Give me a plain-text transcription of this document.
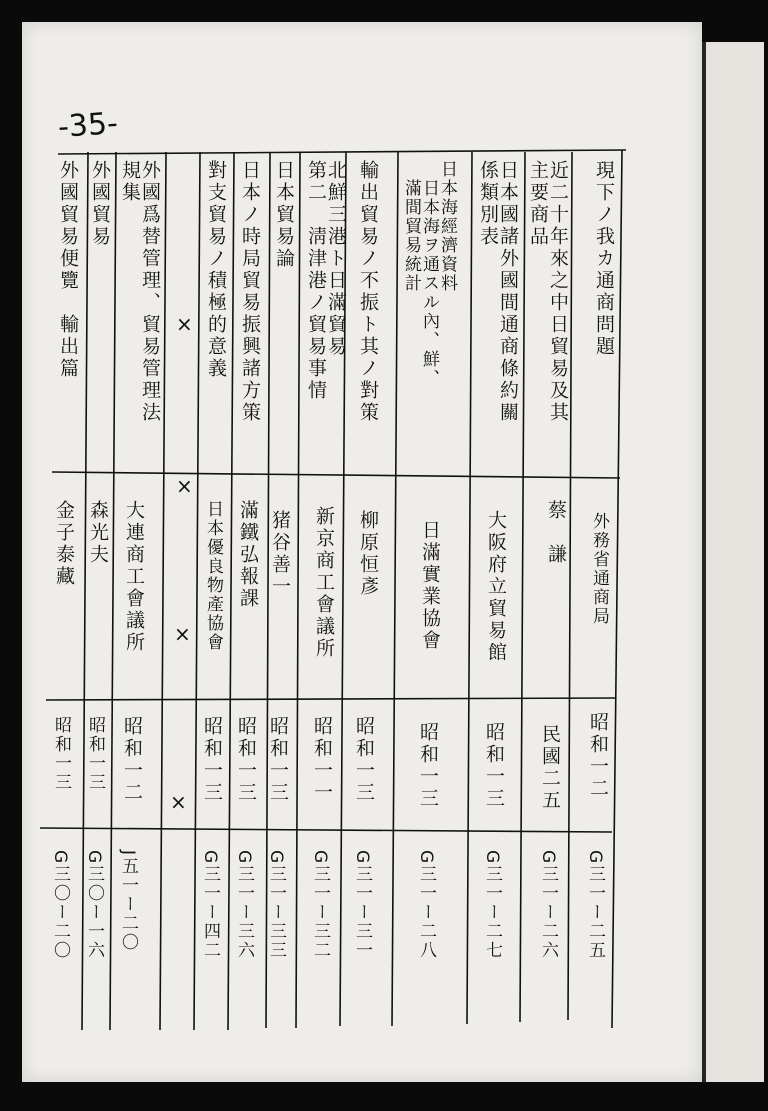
-35-
現下ノ我カ通商問題
外務省通商局
昭和一二
G三一ー二五
近二十年來之中日貿易及其
主要商品
蔡　謙
民國二五
G三一ー二六
日本國諸外國間通商條約關
係類別表
大阪府立貿易館
昭和一三
G三一ー二七
日本海經濟資料
　日本海ヲ通スル內、鮮、
　滿間貿易統計
日滿實業協會
昭和一三
G三一ー二八
輸出貿易ノ不振ト其ノ對策
柳原恒彥
昭和一三
G三一ー三一
北鮮三港ト日滿貿易
第二　淸津港ノ貿易事情
新京商工會議所
昭和一一
G三一ー三二
日本貿易論
猪谷善一
昭和一三
G三一ー三三
日本ノ時局貿易振興諸方策
滿鐵弘報課
昭和一三
G三一ー三六
對支貿易ノ積極的意義
日本優良物產協會
昭和一三
G三一ー四二
×
×
×
×
外國爲替管理、貿易管理法
規集
大連商工會議所
昭和一二
J五一ー二〇
外國貿易
森光夫
昭和一三
G三〇ー一六
外國貿易便覽　輸出篇
金子泰藏
昭和一三
G三〇ー二〇
